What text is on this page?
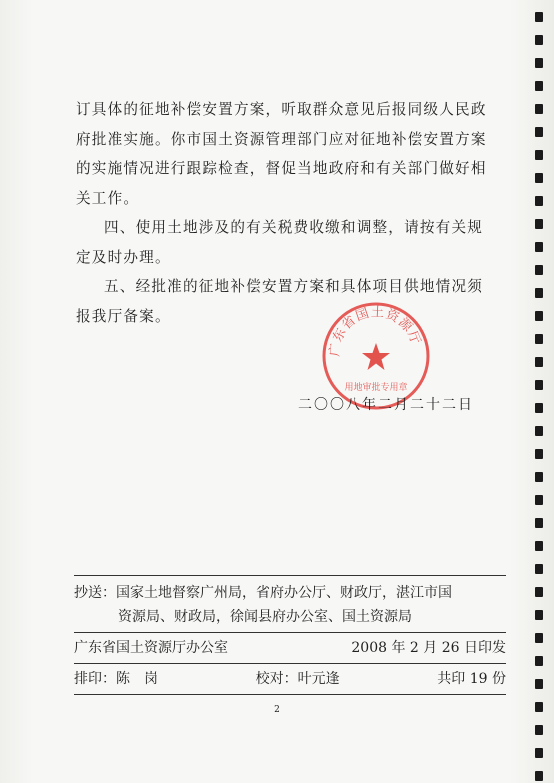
订具体的征地补偿安置方案，听取群众意见后报同级人民政

府批准实施。你市国土资源管理部门应对征地补偿安置方案

的实施情况进行跟踪检查，督促当地政府和有关部门做好相

关工作。

四、使用土地涉及的有关税费收缴和调整，请按有关规

定及时办理。

五、经批准的征地补偿安置方案和具体项目供地情况须

报我厅备案。

广东省国土资源厅
用地审批专用章
二〇〇八年二月二十二日
抄送：国家土地督察广州局，省府办公厅、财政厅，湛江市国
资源局、财政局，徐闻县府办公室、国土资源局
广东省国土资源厅办公室	2008 年 2 月 26 日印发
排印：陈　岗	校对：叶元逢	共印 19 份
2
